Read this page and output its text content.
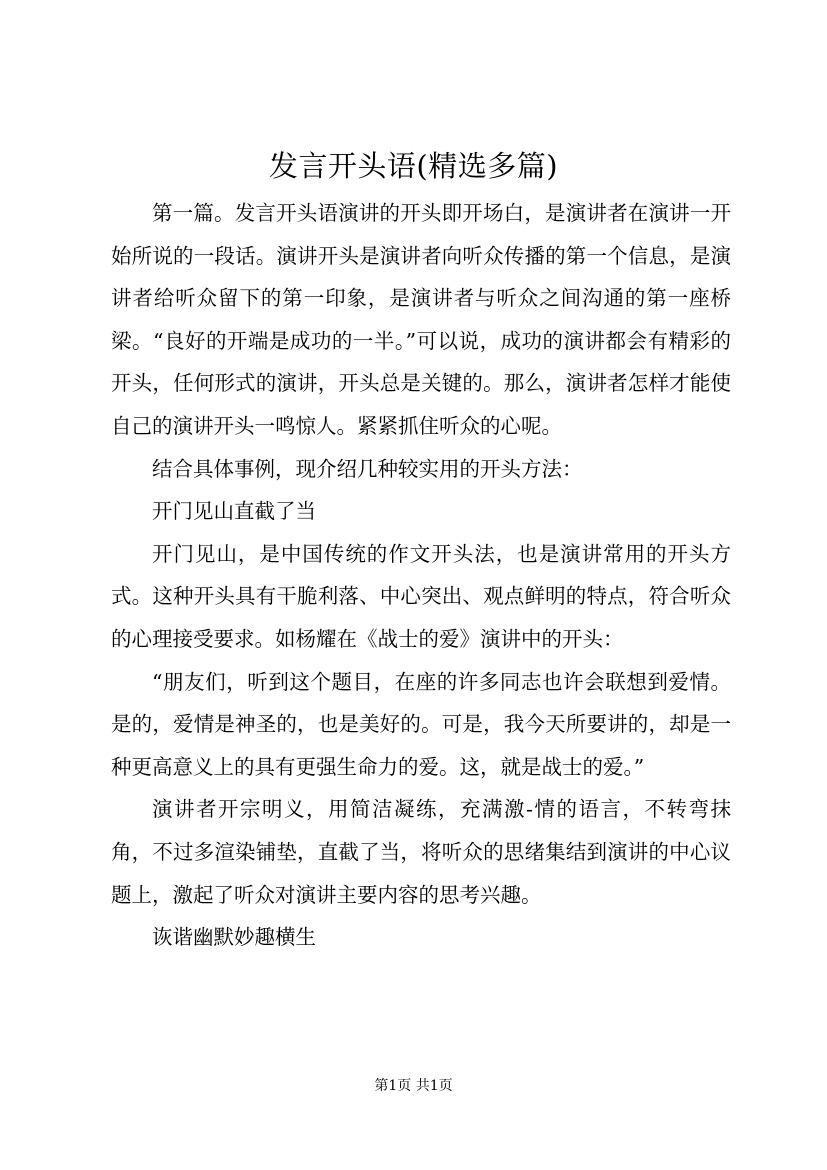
发言开头语(精选多篇)

第一篇。发言开头语演讲的开头即开场白，是演讲者在演讲一开始所说的一段话。演讲开头是演讲者向听众传播的第一个信息，是演讲者给听众留下的第一印象，是演讲者与听众之间沟通的第一座桥梁。“良好的开端是成功的一半。”可以说，成功的演讲都会有精彩的开头，任何形式的演讲，开头总是关键的。那么，演讲者怎样才能使自己的演讲开头一鸣惊人。紧紧抓住听众的心呢。

结合具体事例，现介绍几种较实用的开头方法：

开门见山直截了当

开门见山，是中国传统的作文开头法，也是演讲常用的开头方式。这种开头具有干脆利落、中心突出、观点鲜明的特点，符合听众的心理接受要求。如杨耀在《战士的爱》演讲中的开头：

“朋友们，听到这个题目，在座的许多同志也许会联想到爱情。是的，爱情是神圣的，也是美好的。可是，我今天所要讲的，却是一种更高意义上的具有更强生命力的爱。这，就是战士的爱。”

演讲者开宗明义，用简洁凝练，充满激-情的语言，不转弯抹角，不过多渲染铺垫，直截了当，将听众的思绪集结到演讲的中心议题上，激起了听众对演讲主要内容的思考兴趣。

诙谐幽默妙趣横生

第1页 共1页
